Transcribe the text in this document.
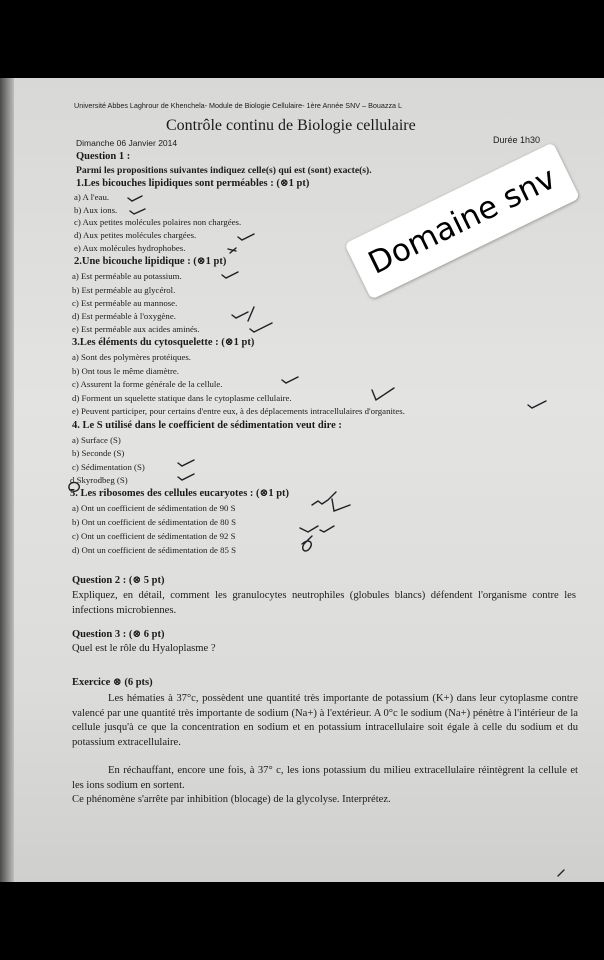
Université Abbes Laghrour de Khenchela- Module de Biologie Cellulaire- 1ère Année SNV – Bouazza L
Contrôle continu de Biologie cellulaire
Dimanche 06 Janvier 2014	Durée 1h30
Question 1 :
Parmi les propositions suivantes indiquez celle(s) qui est (sont) exacte(s).
1.Les bicouches lipidiques sont perméables : (⊗1 pt)
a) A l'eau.
b) Aux ions.
c) Aux petites molécules polaires non chargées.
d) Aux petites molécules chargées.
e) Aux molécules hydrophobes.
2.Une bicouche lipidique : (⊗1 pt)
a) Est perméable au potassium.
b) Est perméable au glycérol.
c) Est perméable au mannose.
d) Est perméable à l'oxygène.
e) Est perméable aux acides aminés.
3.Les éléments du cytosquelette : (⊗1 pt)
a) Sont des polymères protéiques.
b) Ont tous le même diamètre.
c) Assurent la forme générale de la cellule.
d) Forment un squelette statique dans le cytoplasme cellulaire.
e) Peuvent participer, pour certains d'entre eux, à des déplacements intracellulaires d'organites.
4. Le S utilisé dans le coefficient de sédimentation veut dire :
a) Surface (S)
b) Seconde (S)
c) Sédimentation (S)
d Skyrodbeg (S)
5. Les ribosomes des cellules eucaryotes : (⊗1 pt)
a) Ont un coefficient de sédimentation de 90 S
b) Ont un coefficient de sédimentation de 80 S
c) Ont un coefficient de sédimentation de 92 S
d) Ont un coefficient de sédimentation de 85 S
Question 2 : (⊗ 5 pt)
Expliquez, en détail, comment les granulocytes neutrophiles (globules blancs) défendent l'organisme contre les infections microbiennes.
Question 3 : (⊗ 6 pt)
Quel est le rôle du Hyaloplasme ?
Exercice ⊗ (6 pts)
Les hématies à 37°c, possèdent une quantité très importante de potassium (K+) dans leur cytoplasme contre valencé par une quantité très importante de sodium (Na+) à l'extérieur. A 0°c le sodium (Na+) pénètre à l'intérieur de la cellule jusqu'à ce que la concentration en sodium et en potassium intracellulaire soit égale à celle du sodium et du potassium extracellulaire.
En réchauffant, encore une fois, à 37° c, les ions potassium du milieu extracellulaire réintègrent la cellule et les ions sodium en sortent.
Ce phénomène s'arrête par inhibition (blocage) de la glycolyse. Interprétez.
Domaine snv
